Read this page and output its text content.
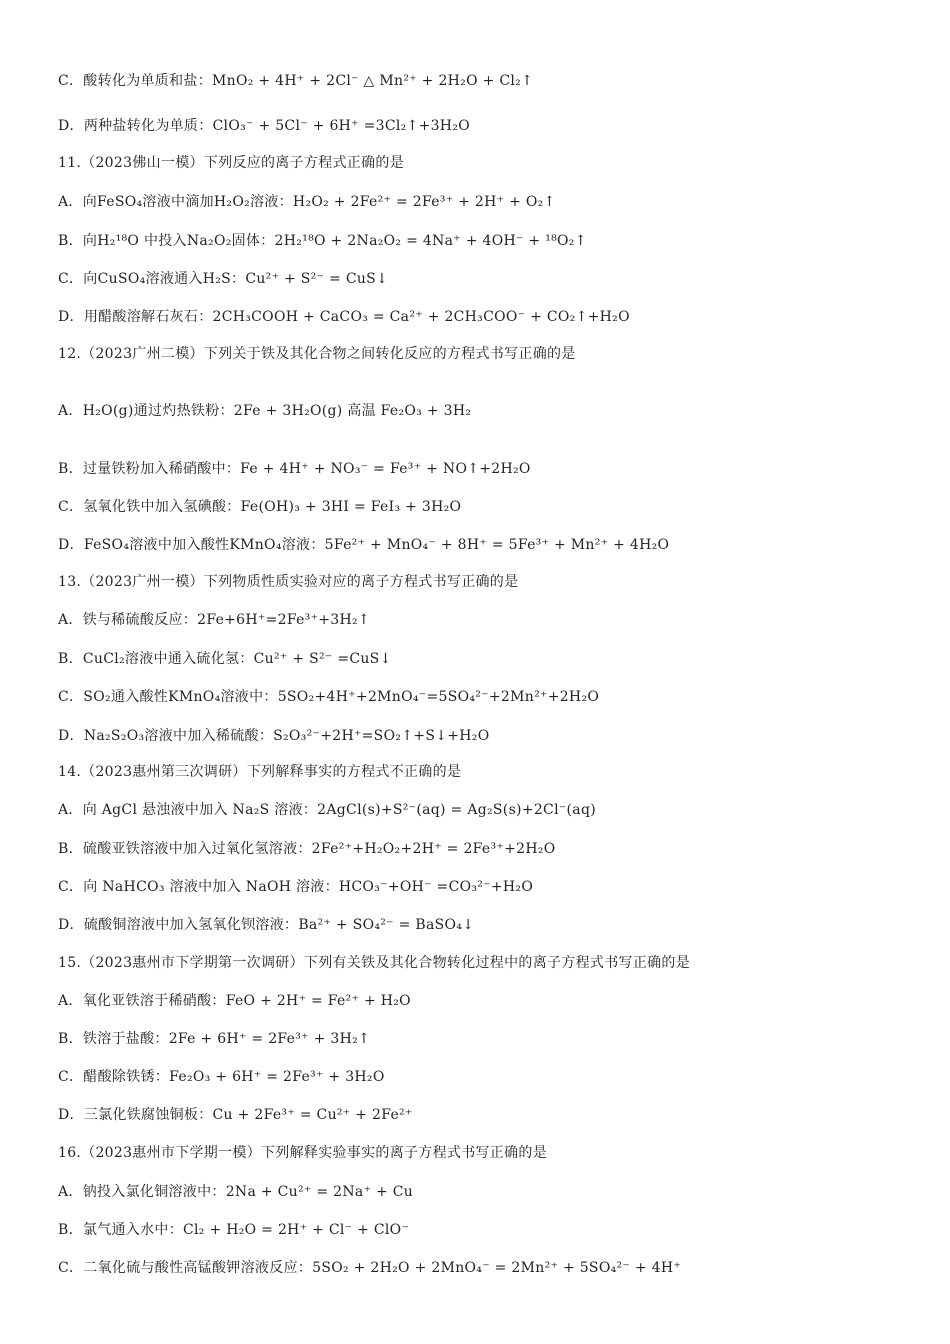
C．酸转化为单质和盐：MnO₂ + 4H⁺ + 2Cl⁻ △ Mn²⁺ + 2H₂O + Cl₂↑
D．两种盐转化为单质：ClO₃⁻ + 5Cl⁻ + 6H⁺ =3Cl₂↑+3H₂O
11.（2023佛山一模）下列反应的离子方程式正确的是
A．向FeSO₄溶液中滴加H₂O₂溶液：H₂O₂ + 2Fe²⁺ = 2Fe³⁺ + 2H⁺ + O₂↑
B．向H₂¹⁸O 中投入Na₂O₂固体：2H₂¹⁸O + 2Na₂O₂ = 4Na⁺ + 4OH⁻ + ¹⁸O₂↑
C．向CuSO₄溶液通入H₂S：Cu²⁺ + S²⁻ = CuS↓
D．用醋酸溶解石灰石：2CH₃COOH + CaCO₃ = Ca²⁺ + 2CH₃COO⁻ + CO₂↑+H₂O
12.（2023广州二模）下列关于铁及其化合物之间转化反应的方程式书写正确的是
A．H₂O(g)通过灼热铁粉：2Fe + 3H₂O(g) 高温 Fe₂O₃ + 3H₂
B．过量铁粉加入稀硝酸中：Fe + 4H⁺ + NO₃⁻ = Fe³⁺ + NO↑+2H₂O
C．氢氧化铁中加入氢碘酸：Fe(OH)₃ + 3HI = FeI₃ + 3H₂O
D．FeSO₄溶液中加入酸性KMnO₄溶液：5Fe²⁺ + MnO₄⁻ + 8H⁺ = 5Fe³⁺ + Mn²⁺ + 4H₂O
13.（2023广州一模）下列物质性质实验对应的离子方程式书写正确的是
A．铁与稀硫酸反应：2Fe+6H⁺=2Fe³⁺+3H₂↑
B．CuCl₂溶液中通入硫化氢：Cu²⁺ + S²⁻ =CuS↓
C．SO₂通入酸性KMnO₄溶液中：5SO₂+4H⁺+2MnO₄⁻=5SO₄²⁻+2Mn²⁺+2H₂O
D．Na₂S₂O₃溶液中加入稀硫酸：S₂O₃²⁻+2H⁺=SO₂↑+S↓+H₂O
14.（2023惠州第三次调研）下列解释事实的方程式不正确的是
A．向 AgCl 悬浊液中加入 Na₂S 溶液：2AgCl(s)+S²⁻(aq) = Ag₂S(s)+2Cl⁻(aq)
B．硫酸亚铁溶液中加入过氧化氢溶液：2Fe²⁺+H₂O₂+2H⁺ = 2Fe³⁺+2H₂O
C．向 NaHCO₃ 溶液中加入 NaOH 溶液：HCO₃⁻+OH⁻ =CO₃²⁻+H₂O
D．硫酸铜溶液中加入氢氧化钡溶液：Ba²⁺ + SO₄²⁻ = BaSO₄↓
15.（2023惠州市下学期第一次调研）下列有关铁及其化合物转化过程中的离子方程式书写正确的是
A．氧化亚铁溶于稀硝酸：FeO + 2H⁺ = Fe²⁺ + H₂O
B．铁溶于盐酸：2Fe + 6H⁺ = 2Fe³⁺ + 3H₂↑
C．醋酸除铁锈：Fe₂O₃ + 6H⁺ = 2Fe³⁺ + 3H₂O
D．三氯化铁腐蚀铜板：Cu + 2Fe³⁺ = Cu²⁺ + 2Fe²⁺
16.（2023惠州市下学期一模）下列解释实验事实的离子方程式书写正确的是
A．钠投入氯化铜溶液中：2Na + Cu²⁺ = 2Na⁺ + Cu
B．氯气通入水中：Cl₂ + H₂O = 2H⁺ + Cl⁻ + ClO⁻
C．二氧化硫与酸性高锰酸钾溶液反应：5SO₂ + 2H₂O + 2MnO₄⁻ = 2Mn²⁺ + 5SO₄²⁻ + 4H⁺
